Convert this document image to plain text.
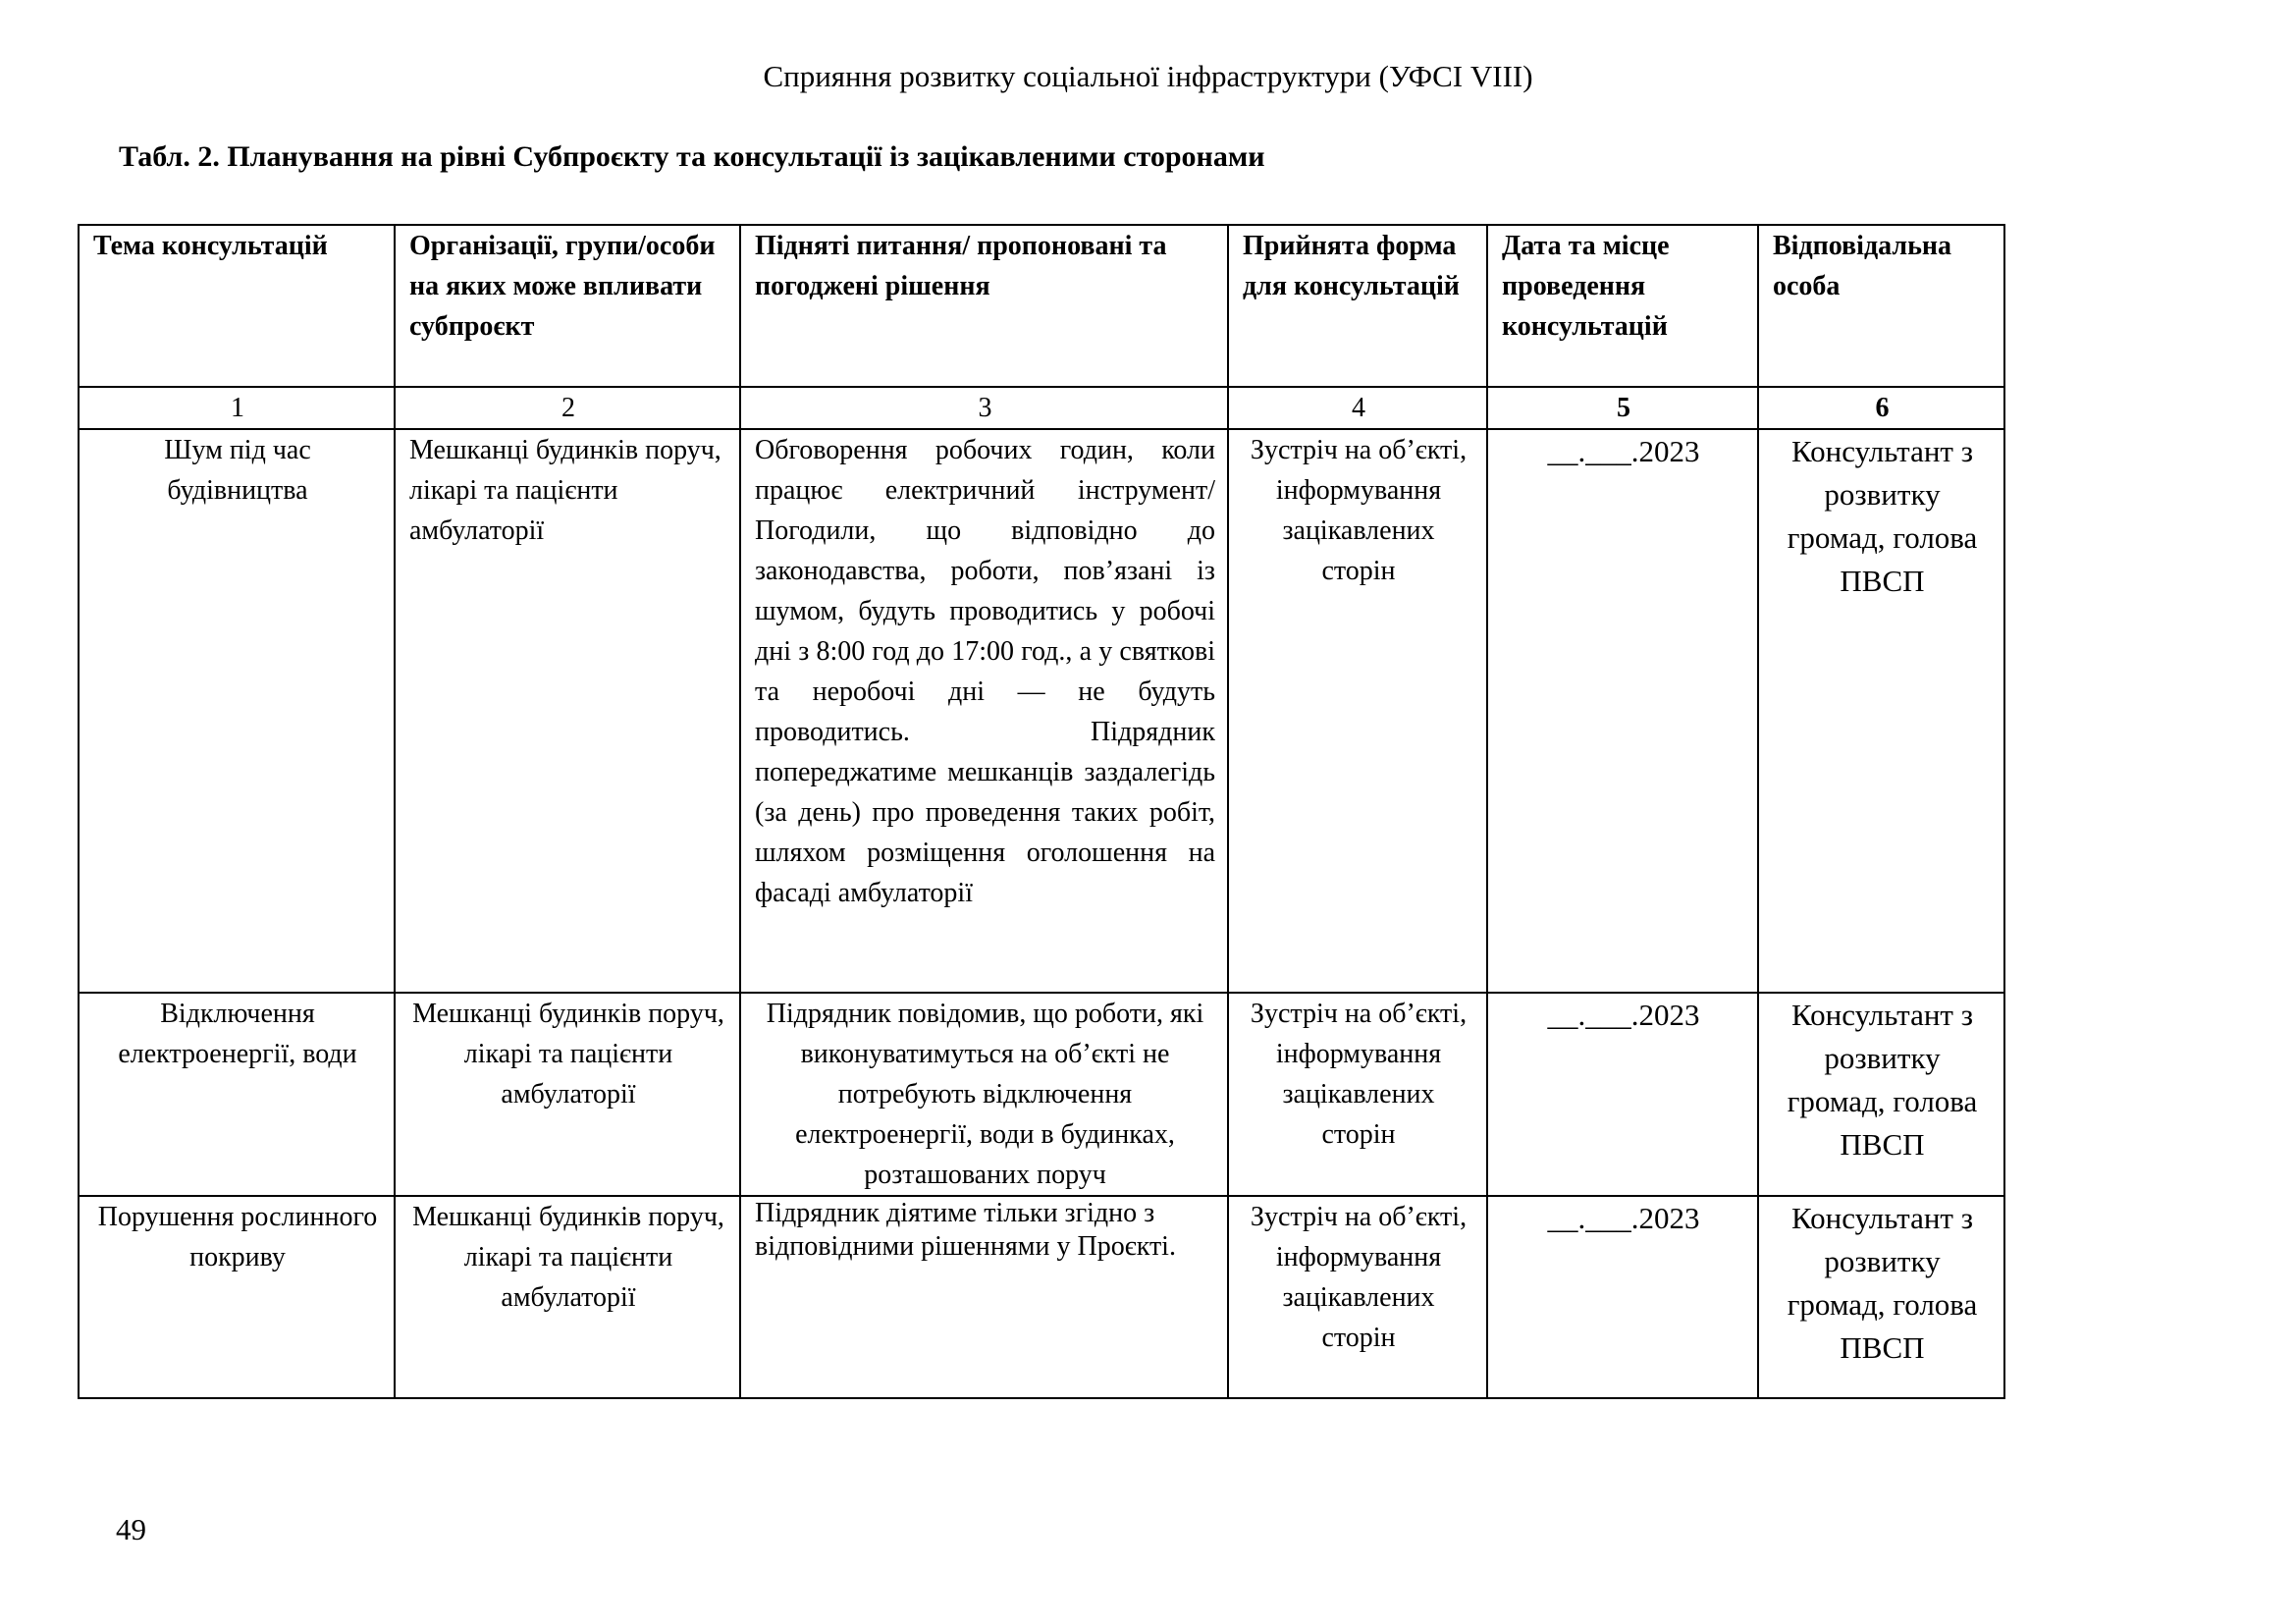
Сприяння розвитку соціальної інфраструктури (УФСІ VIII)
Табл. 2. Планування на рівні Субпроєкту та консультації із зацікавленими сторонами
Тема консультацій	Організації, групи/особи на яких може впливати субпроєкт	Підняті питання/ пропоновані та погоджені рішення	Прийнята форма для консультацій	Дата та місце проведення консультацій	Відповідальна особа
1	2	3	4	5	6
Шум під час будівництва	Мешканці будинків поруч, лікарі та пацієнти амбулаторії	Обговорення робочих годин, коли працює електричний інструмент/Погодили, що відповідно до законодавства, роботи, пов’язані із шумом, будуть проводитись у робочі дні з 8:00 год до 17:00 год., а у святкові та неробочі дні — не будуть проводитись. Підрядник попереджатиме мешканців заздалегідь (за день) про проведення таких робіт, шляхом розміщення оголошення на фасаді амбулаторії	Зустріч на об’єкті, інформування зацікавлених сторін	__.___.2023	Консультант з розвитку громад, голова ПВСП
Відключення електроенергії, води	Мешканці будинків поруч, лікарі та пацієнти амбулаторії	Підрядник повідомив, що роботи, які виконуватимуться на об’єкті не потребують відключення електроенергії, води в будинках, розташованих поруч	Зустріч на об’єкті, інформування зацікавлених сторін	__.___.2023	Консультант з розвитку громад, голова ПВСП
Порушення рослинного покриву	Мешканці будинків поруч, лікарі та пацієнти амбулаторії	Підрядник діятиме тільки згідно з відповідними рішеннями у Проєкті.	Зустріч на об’єкті, інформування зацікавлених сторін	__.___.2023	Консультант з розвитку громад, голова ПВСП
49
